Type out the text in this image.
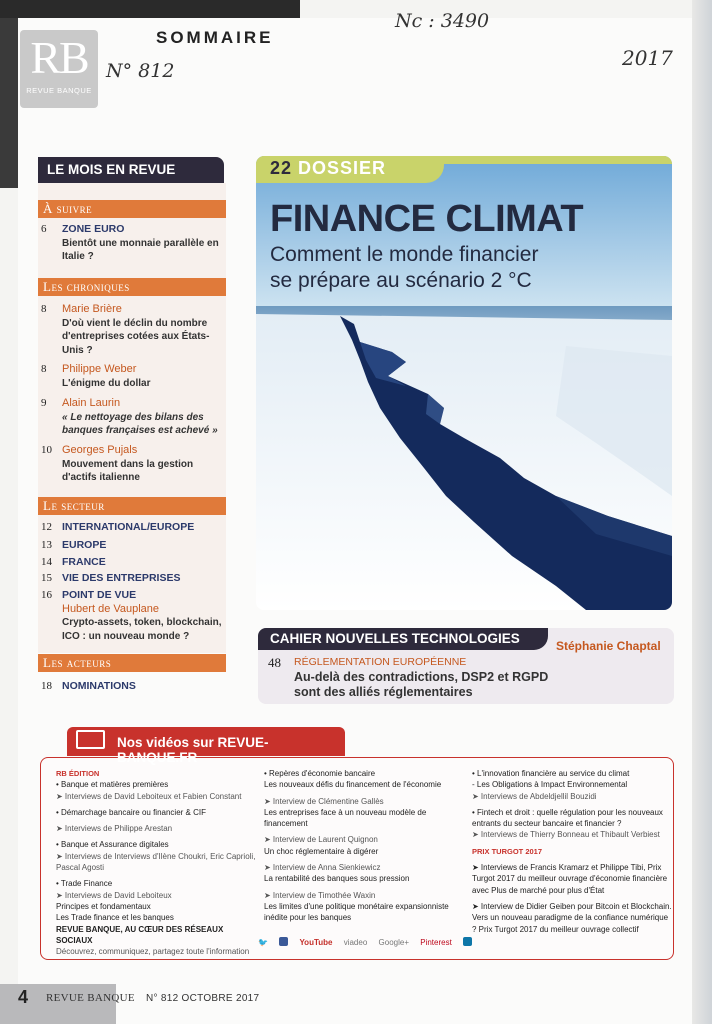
RB
REVUE BANQUE
SOMMAIRE
Nc : 3490
N° 812
2017
LE MOIS EN REVUE
À suivre
6	ZONE EURO
Bientôt une monnaie parallèle en Italie ?
Les chroniques
8	Marie Brière
D'où vient le déclin du nombre d'entreprises cotées aux États-Unis ?
8	Philippe Weber
L'énigme du dollar
9	Alain Laurin
« Le nettoyage des bilans des banques françaises est achevé »
10 Georges Pujals
Mouvement dans la gestion d'actifs italienne
Le secteur
12 INTERNATIONAL/EUROPE
13 EUROPE
14 FRANCE
15 VIE DES ENTREPRISES
16 POINT DE VUE
Hubert de Vauplane
Crypto-assets, token, blockchain, ICO : un nouveau monde ?
Les acteurs
18 NOMINATIONS
22 DOSSIER
FINANCE CLIMAT
Comment le monde financier
se prépare au scénario 2 °C
CAHIER NOUVELLES TECHNOLOGIES	Stéphanie Chaptal
48 RÉGLEMENTATION EUROPÉENNE
Au-delà des contradictions, DSP2 et RGPD
sont des alliés réglementaires
Nos vidéos sur REVUE-BANQUE.FR
RB ÉDITION
• Banque et matières premières
➤ Interviews de David Leboiteux et Fabien Constant
• Démarchage bancaire ou financier & CIF
➤ Interviews de Philippe Arestan
• Banque et Assurance digitales
➤ Interviews de Interviews d'Ilène Choukri, Eric Caprioli, Pascal Agosti
• Trade Finance
➤ Interviews de David Leboiteux
Principes et fondamentaux
Les Trade finance et les banques
REVUE BANQUE, AU CŒUR DES RÉSEAUX SOCIAUX
Découvrez, communiquez, partagez toute l'information
• Repères d'économie bancaire
Les nouveaux défis du financement de l'économie
➤ Interview de Clémentine Gallès
Les entreprises face à un nouveau modèle de financement
➤ Interview de Laurent Quignon
Un choc réglementaire à digérer
➤ Interview de Anna Sienkiewicz
La rentabilité des banques sous pression
➤ Interview de Timothée Waxin
Les limites d'une politique monétaire expansionniste inédite pour les banques
• L'innovation financière au service du climat
- Les Obligations à Impact Environnemental
➤ Interviews de Abdeldjellil Bouzidi
• Fintech et droit : quelle régulation pour les nouveaux entrants du secteur bancaire et financier ?
➤ Interviews de Thierry Bonneau et Thibault Verbiest
PRIX TURGOT 2017
➤ Interviews de Francis Kramarz et Philippe Tibi, Prix Turgot 2017 du meilleur ouvrage d'économie financière avec Plus de marché pour plus d'État
➤ Interview de Didier Geiben pour Bitcoin et Blockchain. Vers un nouveau paradigme de la confiance numérique ? Prix Turgot 2017 du meilleur ouvrage collectif
🐦	YouTube viadeo Google+ Pinterest
4 REVUE BANQUE N° 812 OCTOBRE 2017
